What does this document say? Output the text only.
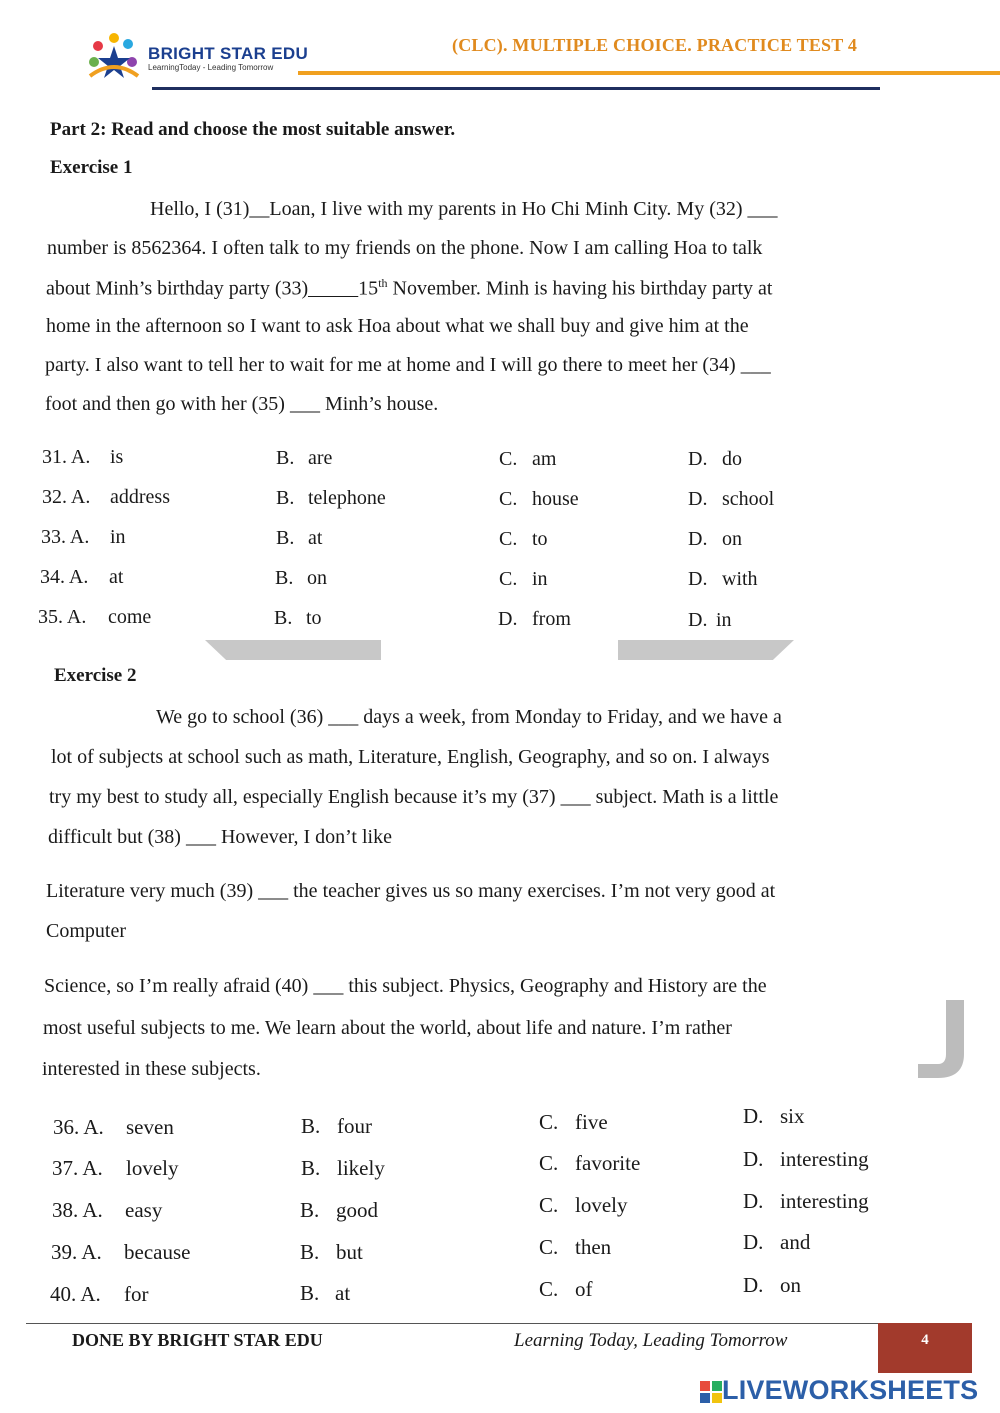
BRIGHT STAR EDU
LearningToday - Leading Tomorrow
(CLC). MULTIPLE CHOICE. PRACTICE TEST 4
Part 2: Read and choose the most suitable answer.
Exercise 1
Hello, I (31)__Loan, I live with my parents in Ho Chi Minh City. My (32) ___
number is 8562364. I often talk to my friends on the phone. Now I am calling Hoa to talk
about Minh’s birthday party (33)_____15th November. Minh is having his birthday party at
home in the afternoon so I want to ask Hoa about what we shall buy and give him at the
party. I also want to tell her to wait for me at home and I will go there to meet her (34) ___
foot and then go with her (35) ___ Minh’s house.
31. A. is	B. are	C. am	D. do
32. A. address	B. telephone	C. house	D. school
33. A. in	B. at	C. to	D. on
34. A. at	B. on	C. in	D. with
35. A. come	B. to	D. from	D. in
Exercise 2
We go to school (36) ___ days a week, from Monday to Friday, and we have a
lot of subjects at school such as math, Literature, English, Geography, and so on. I always
try my best to study all, especially English because it’s my (37) ___ subject. Math is a little
difficult but (38) ___ However, I don’t like
Literature very much (39) ___ the teacher gives us so many exercises. I’m not very good at
Computer
Science, so I’m really afraid (40) ___ this subject. Physics, Geography and History are the
most useful subjects to me. We learn about the world, about life and nature. I’m rather
interested in these subjects.
36. A. seven	B. four	C. five	D. six
37. A. lovely	B. likely	C. favorite	D. interesting
38. A. easy	B. good	C. lovely	D. interesting
39. A. because	B. but	C. then	D. and
40. A. for	B. at	C. of	D. on
DONE BY BRIGHT STAR EDU	Learning Today, Leading Tomorrow	4
LIVEWORKSHEETS
